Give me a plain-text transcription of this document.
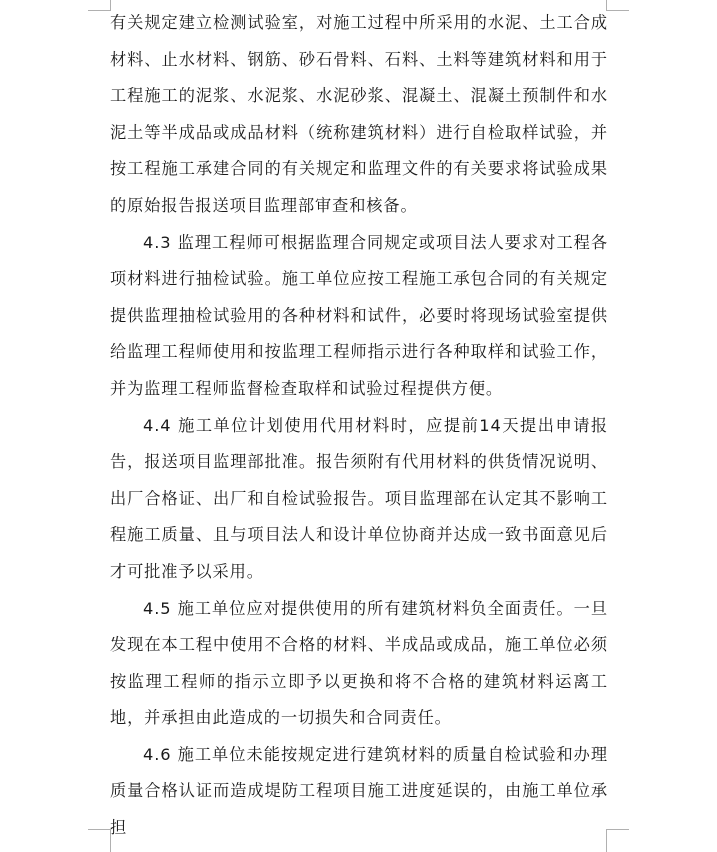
有关规定建立检测试验室，对施工过程中所采用的水泥、土工合成材料、止水材料、钢筋、砂石骨料、石料、土料等建筑材料和用于工程施工的泥浆、水泥浆、水泥砂浆、混凝土、混凝土预制件和水泥土等半成品或成品材料（统称建筑材料）进行自检取样试验，并按工程施工承建合同的有关规定和监理文件的有关要求将试验成果的原始报告报送项目监理部审查和核备。

4.3 监理工程师可根据监理合同规定或项目法人要求对工程各项材料进行抽检试验。施工单位应按工程施工承包合同的有关规定提供监理抽检试验用的各种材料和试件，必要时将现场试验室提供给监理工程师使用和按监理工程师指示进行各种取样和试验工作，并为监理工程师监督检查取样和试验过程提供方便。

4.4 施工单位计划使用代用材料时，应提前14天提出申请报告，报送项目监理部批准。报告须附有代用材料的供货情况说明、出厂合格证、出厂和自检试验报告。项目监理部在认定其不影响工程施工质量、且与项目法人和设计单位协商并达成一致书面意见后才可批准予以采用。

4.5 施工单位应对提供使用的所有建筑材料负全面责任。一旦发现在本工程中使用不合格的材料、半成品或成品，施工单位必须按监理工程师的指示立即予以更换和将不合格的建筑材料运离工地，并承担由此造成的一切损失和合同责任。

4.6 施工单位未能按规定进行建筑材料的质量自检试验和办理质量合格认证而造成堤防工程项目施工进度延误的，由施工单位承担
